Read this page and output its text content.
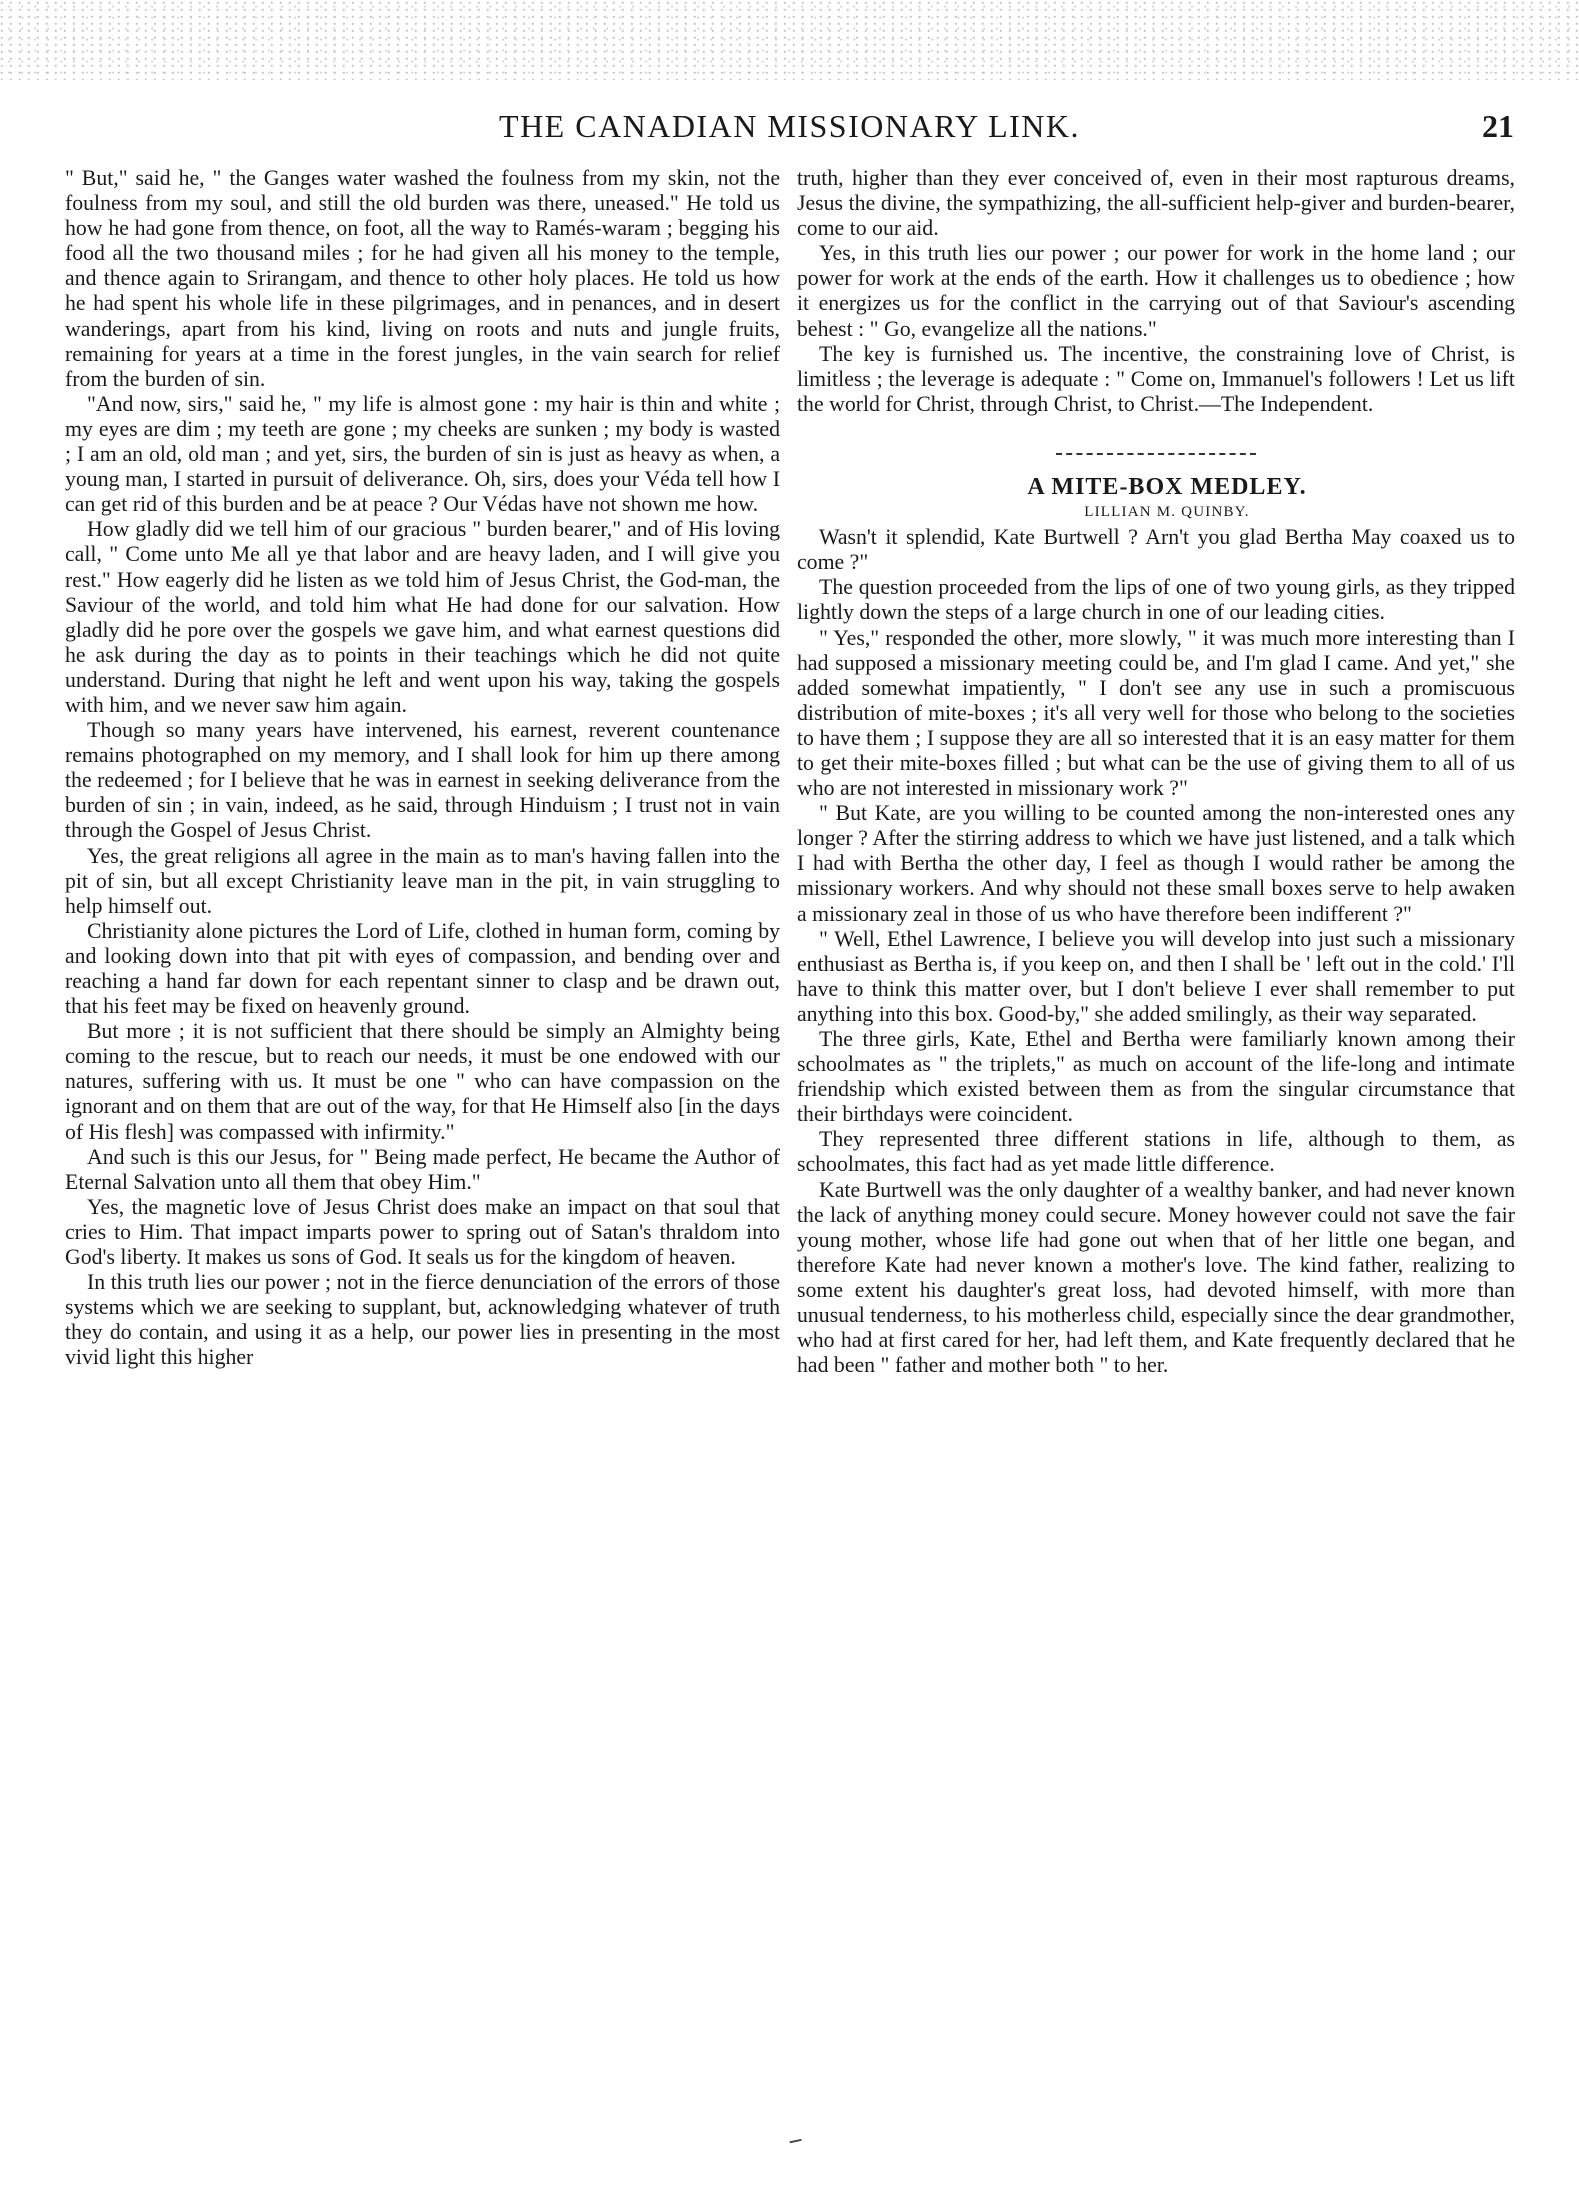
THE CANADIAN MISSIONARY LINK.	21

" But," said he, " the Ganges water washed the foulness from my skin, not the foulness from my soul, and still the old burden was there, uneased." He told us how he had gone from thence, on foot, all the way to Ramés-waram ; begging his food all the two thousand miles ; for he had given all his money to the temple, and thence again to Srirangam, and thence to other holy places. He told us how he had spent his whole life in these pilgrimages, and in penances, and in desert wanderings, apart from his kind, living on roots and nuts and jungle fruits, remaining for years at a time in the forest jungles, in the vain search for relief from the burden of sin.

"And now, sirs," said he, " my life is almost gone : my hair is thin and white ; my eyes are dim ; my teeth are gone ; my cheeks are sunken ; my body is wasted ; I am an old, old man ; and yet, sirs, the burden of sin is just as heavy as when, a young man, I started in pursuit of deliverance. Oh, sirs, does your Véda tell how I can get rid of this burden and be at peace ? Our Védas have not shown me how.

How gladly did we tell him of our gracious " burden bearer," and of His loving call, " Come unto Me all ye that labor and are heavy laden, and I will give you rest." How eagerly did he listen as we told him of Jesus Christ, the God-man, the Saviour of the world, and told him what He had done for our salvation. How gladly did he pore over the gospels we gave him, and what earnest questions did he ask during the day as to points in their teachings which he did not quite understand. During that night he left and went upon his way, taking the gospels with him, and we never saw him again.

Though so many years have intervened, his earnest, reverent countenance remains photographed on my memory, and I shall look for him up there among the redeemed ; for I believe that he was in earnest in seeking deliverance from the burden of sin ; in vain, indeed, as he said, through Hinduism ; I trust not in vain through the Gospel of Jesus Christ.

Yes, the great religions all agree in the main as to man's having fallen into the pit of sin, but all except Christianity leave man in the pit, in vain struggling to help himself out.

Christianity alone pictures the Lord of Life, clothed in human form, coming by and looking down into that pit with eyes of compassion, and bending over and reaching a hand far down for each repentant sinner to clasp and be drawn out, that his feet may be fixed on heavenly ground.

But more ; it is not sufficient that there should be simply an Almighty being coming to the rescue, but to reach our needs, it must be one endowed with our natures, suffering with us. It must be one " who can have compassion on the ignorant and on them that are out of the way, for that He Himself also [in the days of His flesh] was compassed with infirmity."

And such is this our Jesus, for " Being made perfect, He became the Author of Eternal Salvation unto all them that obey Him."

Yes, the magnetic love of Jesus Christ does make an impact on that soul that cries to Him. That impact imparts power to spring out of Satan's thraldom into God's liberty. It makes us sons of God. It seals us for the kingdom of heaven.

In this truth lies our power ; not in the fierce denunciation of the errors of those systems which we are seeking to supplant, but, acknowledging whatever of truth they do contain, and using it as a help, our power lies in presenting in the most vivid light this higher

truth, higher than they ever conceived of, even in their most rapturous dreams, Jesus the divine, the sympathizing, the all-sufficient help-giver and burden-bearer, come to our aid.

Yes, in this truth lies our power ; our power for work in the home land ; our power for work at the ends of the earth. How it challenges us to obedience ; how it energizes us for the conflict in the carrying out of that Saviour's ascending behest : " Go, evangelize all the nations."

The key is furnished us. The incentive, the constraining love of Christ, is limitless ; the leverage is adequate : " Come on, Immanuel's followers ! Let us lift the world for Christ, through Christ, to Christ.—The Independent.

A MITE-BOX MEDLEY.

LILLIAN M. QUINBY.

Wasn't it splendid, Kate Burtwell ? Arn't you glad Bertha May coaxed us to come ?"

The question proceeded from the lips of one of two young girls, as they tripped lightly down the steps of a large church in one of our leading cities.

" Yes," responded the other, more slowly, " it was much more interesting than I had supposed a missionary meeting could be, and I'm glad I came. And yet," she added somewhat impatiently, " I don't see any use in such a promiscuous distribution of mite-boxes ; it's all very well for those who belong to the societies to have them ; I suppose they are all so interested that it is an easy matter for them to get their mite-boxes filled ; but what can be the use of giving them to all of us who are not interested in missionary work ?"

" But Kate, are you willing to be counted among the non-interested ones any longer ? After the stirring address to which we have just listened, and a talk which I had with Bertha the other day, I feel as though I would rather be among the missionary workers. And why should not these small boxes serve to help awaken a missionary zeal in those of us who have therefore been indifferent ?"

" Well, Ethel Lawrence, I believe you will develop into just such a missionary enthusiast as Bertha is, if you keep on, and then I shall be ' left out in the cold.' I'll have to think this matter over, but I don't believe I ever shall remember to put anything into this box. Good-by," she added smilingly, as their way separated.

The three girls, Kate, Ethel and Bertha were familiarly known among their schoolmates as " the triplets," as much on account of the life-long and intimate friendship which existed between them as from the singular circumstance that their birthdays were coincident.

They represented three different stations in life, although to them, as schoolmates, this fact had as yet made little difference.

Kate Burtwell was the only daughter of a wealthy banker, and had never known the lack of anything money could secure. Money however could not save the fair young mother, whose life had gone out when that of her little one began, and therefore Kate had never known a mother's love. The kind father, realizing to some extent his daughter's great loss, had devoted himself, with more than unusual tenderness, to his motherless child, especially since the dear grandmother, who had at first cared for her, had left them, and Kate frequently declared that he had been " father and mother both " to her.
